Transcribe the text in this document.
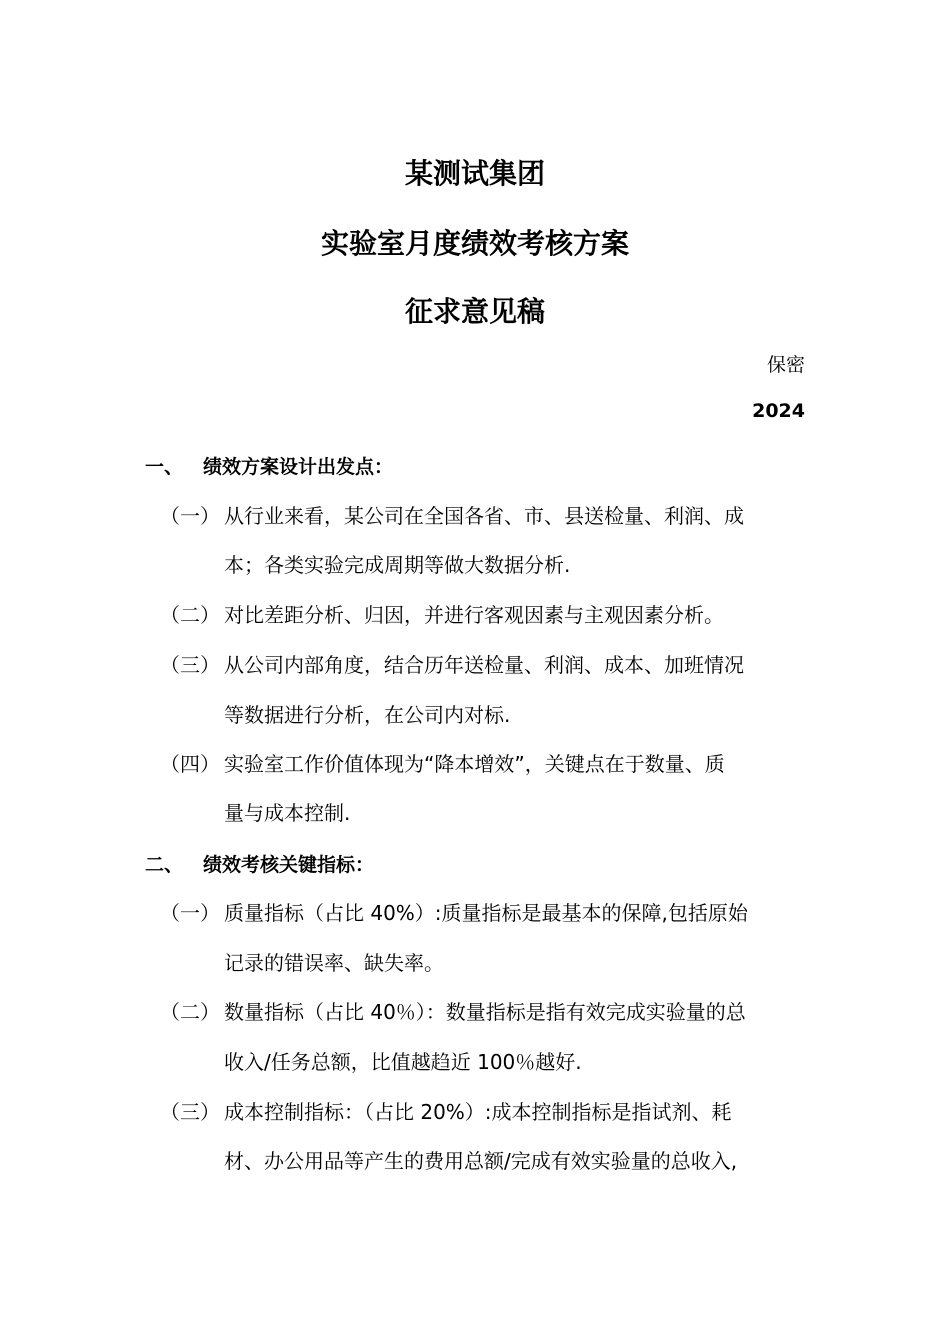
某测试集团
实验室月度绩效考核方案
征求意见稿
保密
2024
一、 绩效方案设计出发点：
（一） 从行业来看，某公司在全国各省、市、县送检量、利润、成
本；各类实验完成周期等做大数据分析.
（二） 对比差距分析、归因，并进行客观因素与主观因素分析。
（三） 从公司内部角度，结合历年送检量、利润、成本、加班情况
等数据进行分析，在公司内对标.
（四） 实验室工作价值体现为“降本增效”，关键点在于数量、质
量与成本控制.
二、 绩效考核关键指标：
（一） 质量指标（占比 40%）:质量指标是最基本的保障,包括原始
记录的错误率、缺失率。
（二） 数量指标（占比 40％）：数量指标是指有效完成实验量的总
收入/任务总额，比值越趋近 100％越好.
（三） 成本控制指标：（占比 20%）:成本控制指标是指试剂、耗
材、办公用品等产生的费用总额/完成有效实验量的总收入,
